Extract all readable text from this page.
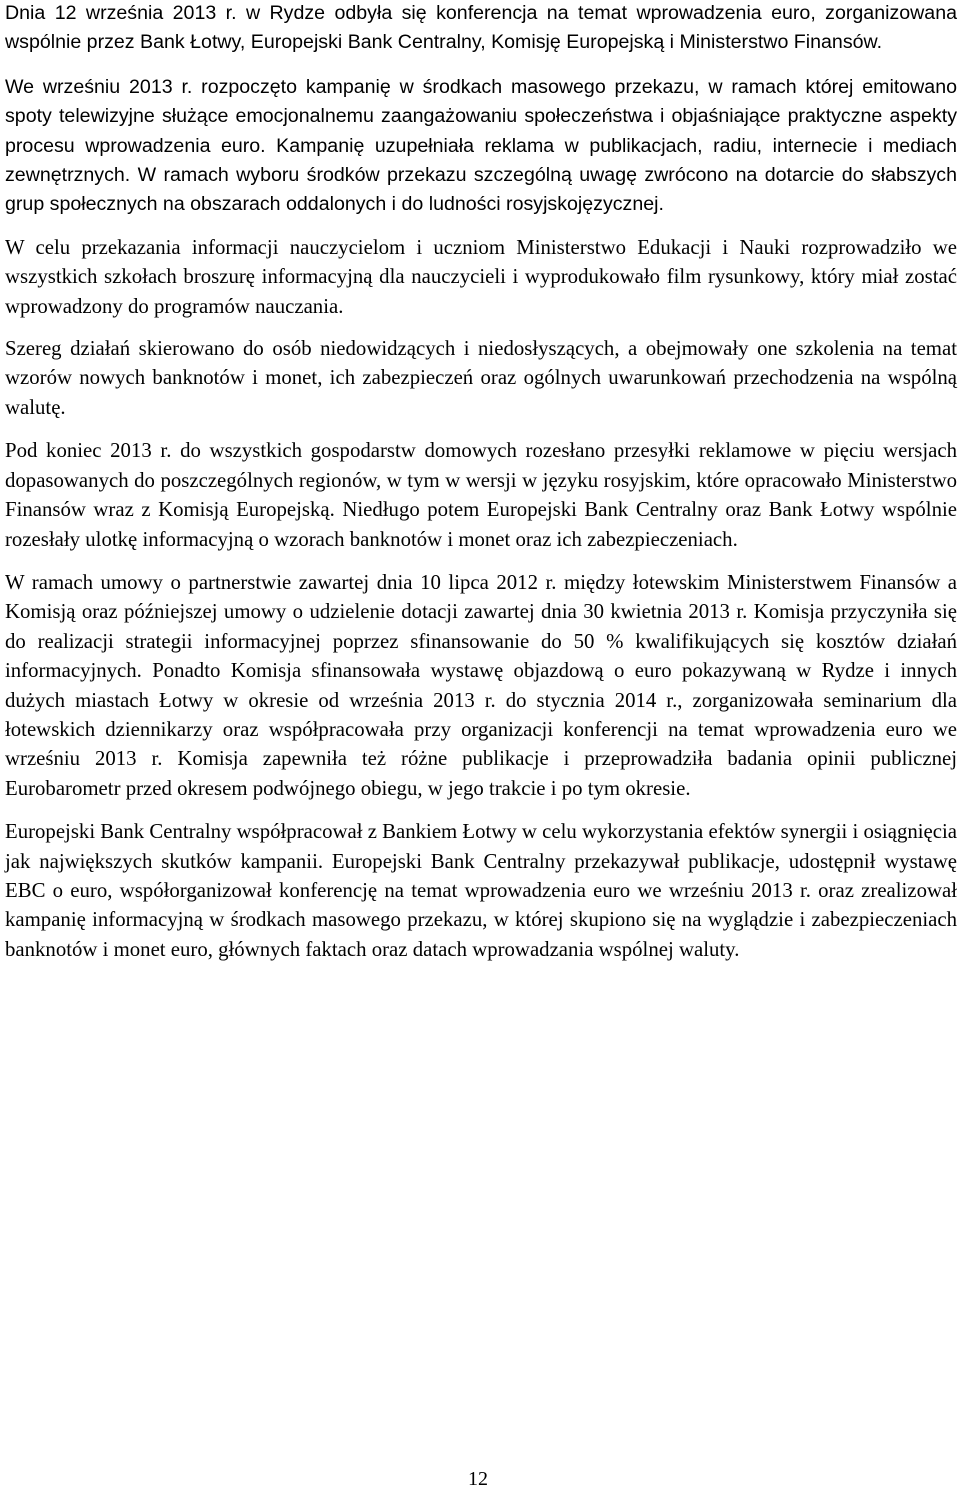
Dnia 12 września 2013 r. w Rydze odbyła się konferencja na temat wprowadzenia euro, zorganizowana wspólnie przez Bank Łotwy, Europejski Bank Centralny, Komisję Europejską i Ministerstwo Finansów.

We wrześniu 2013 r. rozpoczęto kampanię w środkach masowego przekazu, w ramach której emitowano spoty telewizyjne służące emocjonalnemu zaangażowaniu społeczeństwa i objaśniające praktyczne aspekty procesu wprowadzenia euro. Kampanię uzupełniała reklama w publikacjach, radiu, internecie i mediach zewnętrznych. W ramach wyboru środków przekazu szczególną uwagę zwrócono na dotarcie do słabszych grup społecznych na obszarach oddalonych i do ludności rosyjskojęzycznej.

W celu przekazania informacji nauczycielom i uczniom Ministerstwo Edukacji i Nauki rozprowadziło we wszystkich szkołach broszurę informacyjną dla nauczycieli i wyprodukowało film rysunkowy, który miał zostać wprowadzony do programów nauczania.

Szereg działań skierowano do osób niedowidzących i niedosłyszących, a obejmowały one szkolenia na temat wzorów nowych banknotów i monet, ich zabezpieczeń oraz ogólnych uwarunkowań przechodzenia na wspólną walutę.

Pod koniec 2013 r. do wszystkich gospodarstw domowych rozesłano przesyłki reklamowe w pięciu wersjach dopasowanych do poszczególnych regionów, w tym w wersji w języku rosyjskim, które opracowało Ministerstwo Finansów wraz z Komisją Europejską. Niedługo potem Europejski Bank Centralny oraz Bank Łotwy wspólnie rozesłały ulotkę informacyjną o wzorach banknotów i monet oraz ich zabezpieczeniach.

W ramach umowy o partnerstwie zawartej dnia 10 lipca 2012 r. między łotewskim Ministerstwem Finansów a Komisją oraz późniejszej umowy o udzielenie dotacji zawartej dnia 30 kwietnia 2013 r. Komisja przyczyniła się do realizacji strategii informacyjnej poprzez sfinansowanie do 50 % kwalifikujących się kosztów działań informacyjnych. Ponadto Komisja sfinansowała wystawę objazdową o euro pokazywaną w Rydze i innych dużych miastach Łotwy w okresie od września 2013 r. do stycznia 2014 r., zorganizowała seminarium dla łotewskich dziennikarzy oraz współpracowała przy organizacji konferencji na temat wprowadzenia euro we wrześniu 2013 r. Komisja zapewniła też różne publikacje i przeprowadziła badania opinii publicznej Eurobarometr przed okresem podwójnego obiegu, w jego trakcie i po tym okresie.

Europejski Bank Centralny współpracował z Bankiem Łotwy w celu wykorzystania efektów synergii i osiągnięcia jak największych skutków kampanii. Europejski Bank Centralny przekazywał publikacje, udostępnił wystawę EBC o euro, współorganizował konferencję na temat wprowadzenia euro we wrześniu 2013 r. oraz zrealizował kampanię informacyjną w środkach masowego przekazu, w której skupiono się na wyglądzie i zabezpieczeniach banknotów i monet euro, głównych faktach oraz datach wprowadzania wspólnej waluty.

12
